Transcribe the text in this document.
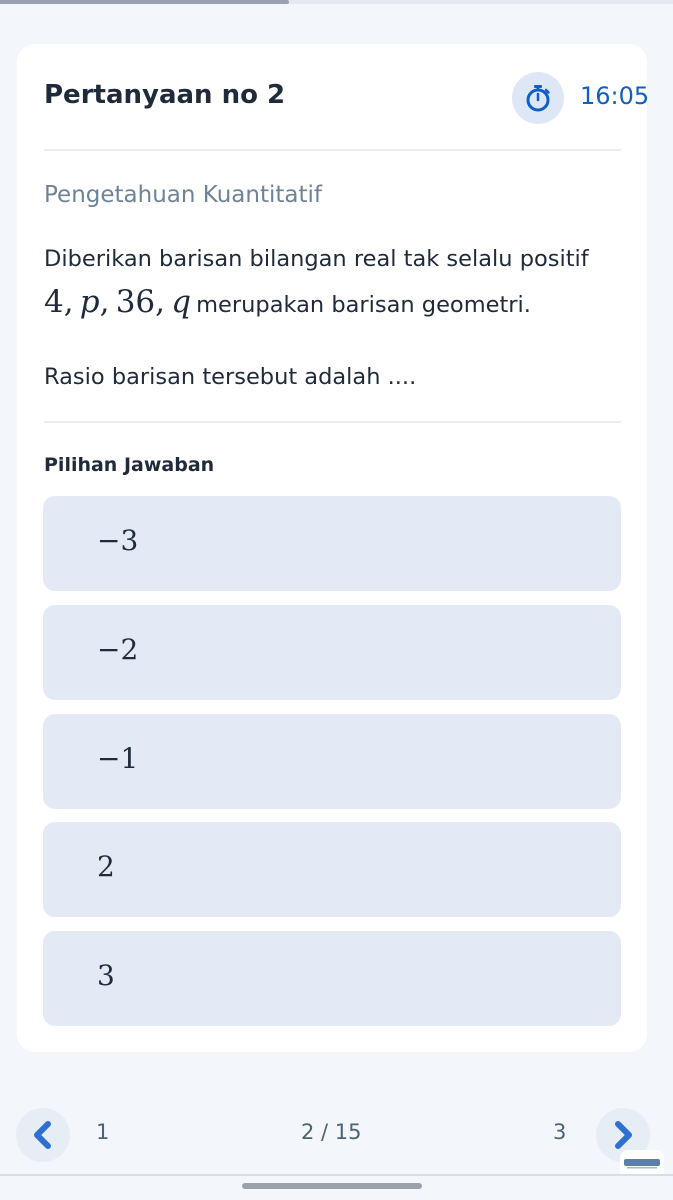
Pertanyaan no 2	16:05
Pengetahuan Kuantitatif
Diberikan barisan bilangan real tak selalu positif
4, p, 36, q merupakan barisan geometri.
Rasio barisan tersebut adalah ....
Pilihan Jawaban
−3
−2
−1
2
3
1	2 / 15	3
